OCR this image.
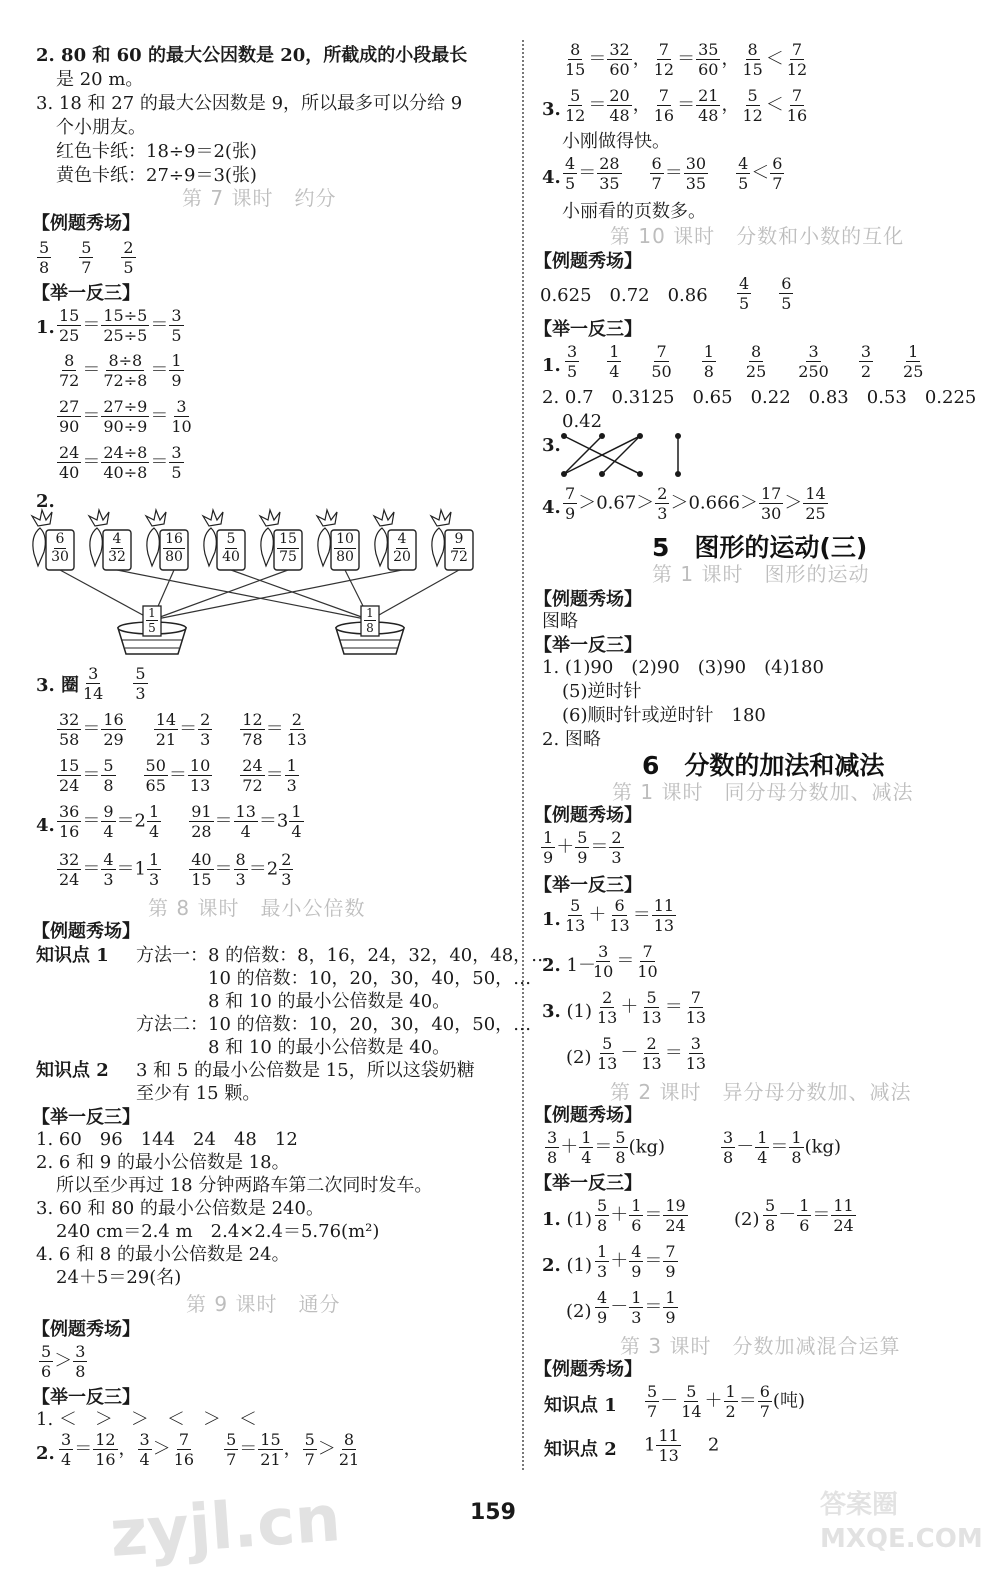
2. 80 和 60 的最大公因数是 20，所截成的小段最长
是 20 m。
3. 18 和 27 的最大公因数是 9，所以最多可以分给 9
个小朋友。
红色卡纸：18÷9＝2(张)
黄色卡纸：27÷9＝3(张)
第 7 课时　约分
【例题秀场】
$\frac{5}{8} \frac{5}{7} \frac{2}{5}$
【举一反三】
1. $\frac{15}{25} = \frac{15\div 5}{25\div 5} = \frac{3}{5}$
$\frac{8}{72} = \frac{8\div 8}{72\div 8} = \frac{1}{9}$
$\frac{27}{90} = \frac{27\div 9}{90\div 9} = \frac{3}{10}$
$\frac{24}{40} = \frac{24\div 8}{40\div 8} = \frac{3}{5}$
2.
$\frac{6}{30}$	$\frac{4}{32}$	$\frac{16}{80}$	$\frac{5}{40}$	$\frac{15}{75}$	$\frac{10}{80}$	$\frac{4}{20}$	$\frac{9}{72}$
$\frac{1}{5}$	$\frac{1}{8}$
3. 圈 $\frac{3}{14} \frac{5}{3}$
$\frac{32}{58} = \frac{16}{29} \frac{14}{21} = \frac{2}{3} \frac{12}{78} = \frac{2}{13}$
$\frac{15}{24} = \frac{5}{8} \frac{50}{65} = \frac{10}{13} \frac{24}{72} = \frac{1}{3}$
4. $\frac{36}{16} = \frac{9}{4} =2 \frac{1}{4} \frac{91}{28} = \frac{13}{4} =3 \frac{1}{4}$
$\frac{32}{24} = \frac{4}{3} =1 \frac{1}{3} \frac{40}{15} = \frac{8}{3} =2 \frac{2}{3}$
第 8 课时　最小公倍数
【例题秀场】
知识点 1 方法一：8 的倍数：8，16，24，32，40，48，…
10 的倍数：10，20，30，40，50，…
8 和 10 的最小公倍数是 40。
方法二：10 的倍数：10，20，30，40，50，…
8 和 10 的最小公倍数是 40。
知识点 2 3 和 5 的最小公倍数是 15，所以这袋奶糖
至少有 15 颗。
【举一反三】
1. 60　96　144　24　48　12
2. 6 和 9 的最小公倍数是 18。
所以至少再过 18 分钟两路车第二次同时发车。
3. 60 和 80 的最小公倍数是 240。
240 cm＝2.4 m　2.4×2.4＝5.76(m²)
4. 6 和 8 的最小公倍数是 24。
24＋5＝29(名)
第 9 课时　通分
【例题秀场】
$\frac{5}{6} > \frac{3}{8}$
【举一反三】
1. ＜　＞　＞　＜　＞　＜
2. $\frac{3}{4} = \frac{12}{16}$ ， $\frac{3}{4} > \frac{7}{16} \frac{5}{7} = \frac{15}{21}$ ， $\frac{5}{7} > \frac{8}{21}$
$\frac{8}{15} = \frac{32}{60}$ ， $\frac{7}{12} = \frac{35}{60}$ ， $\frac{8}{15} < \frac{7}{12}$
3. $\frac{5}{12} = \frac{20}{48}$ ， $\frac{7}{16} = \frac{21}{48}$ ， $\frac{5}{12} < \frac{7}{16}$
小刚做得快。
4. $\frac{4}{5} = \frac{28}{35} \frac{6}{7} = \frac{30}{35} \frac{4}{5} < \frac{6}{7}$
小丽看的页数多。
第 10 课时　分数和小数的互化
【例题秀场】
0.625　0.72　$0.86 \frac{4}{5} \frac{6}{5}$
【举一反三】
1. $\frac{3}{5} \frac{1}{4} \frac{7}{50} \frac{1}{8} \frac{8}{25} \frac{3}{250} \frac{3}{2} \frac{1}{25}$
2. 0.7　0.3125　0.65　0.22　0.83　0.53　0.225
0.42
3.
4. $\frac{7}{9} >0.67> \frac{2}{3} >0.666> \frac{17}{30} > \frac{14}{25}$
5　图形的运动(三)
第 1 课时　图形的运动
【例题秀场】
图略
【举一反三】
1. (1)90　(2)90　(3)90　(4)180
(5)逆时针
(6)顺时针或逆时针　180
2. 图略
6　分数的加法和减法
第 1 课时　同分母分数加、减法
【例题秀场】
$\frac{1}{9} + \frac{5}{9} = \frac{2}{3}$
【举一反三】
1. $\frac{5}{13} + \frac{6}{13} = \frac{11}{13}$
2. 1－
$\frac{3}{10} = \frac{7}{10}$
3. $(1) \frac{2}{13} + \frac{5}{13} = \frac{7}{13}$
$(2) \frac{5}{13} - \frac{2}{13} = \frac{3}{13}$
第 2 课时　异分母分数加、减法
【例题秀场】
$\frac{3}{8} + \frac{1}{4} = \frac{5}{8} (kg)$	$\frac{3}{8} - \frac{1}{4} = \frac{1}{8} (kg)$
【举一反三】
1. $(1) \frac{5}{8} + \frac{1}{6} = \frac{19}{24}$	$(2) \frac{5}{8} - \frac{1}{6} = \frac{11}{24}$
2. $(1) \frac{1}{3} + \frac{4}{9} = \frac{7}{9}$
$(2) \frac{4}{9} - \frac{1}{3} = \frac{1}{9}$
第 3 课时　分数加减混合运算
【例题秀场】
知识点 $1 \frac{5}{7} - \frac{5}{14} + \frac{1}{2} = \frac{6}{7}$ (吨)
知识点 2 $1 \frac{11}{13} 2$
159
zyjl.cn	答案圈 MXQE.COM
